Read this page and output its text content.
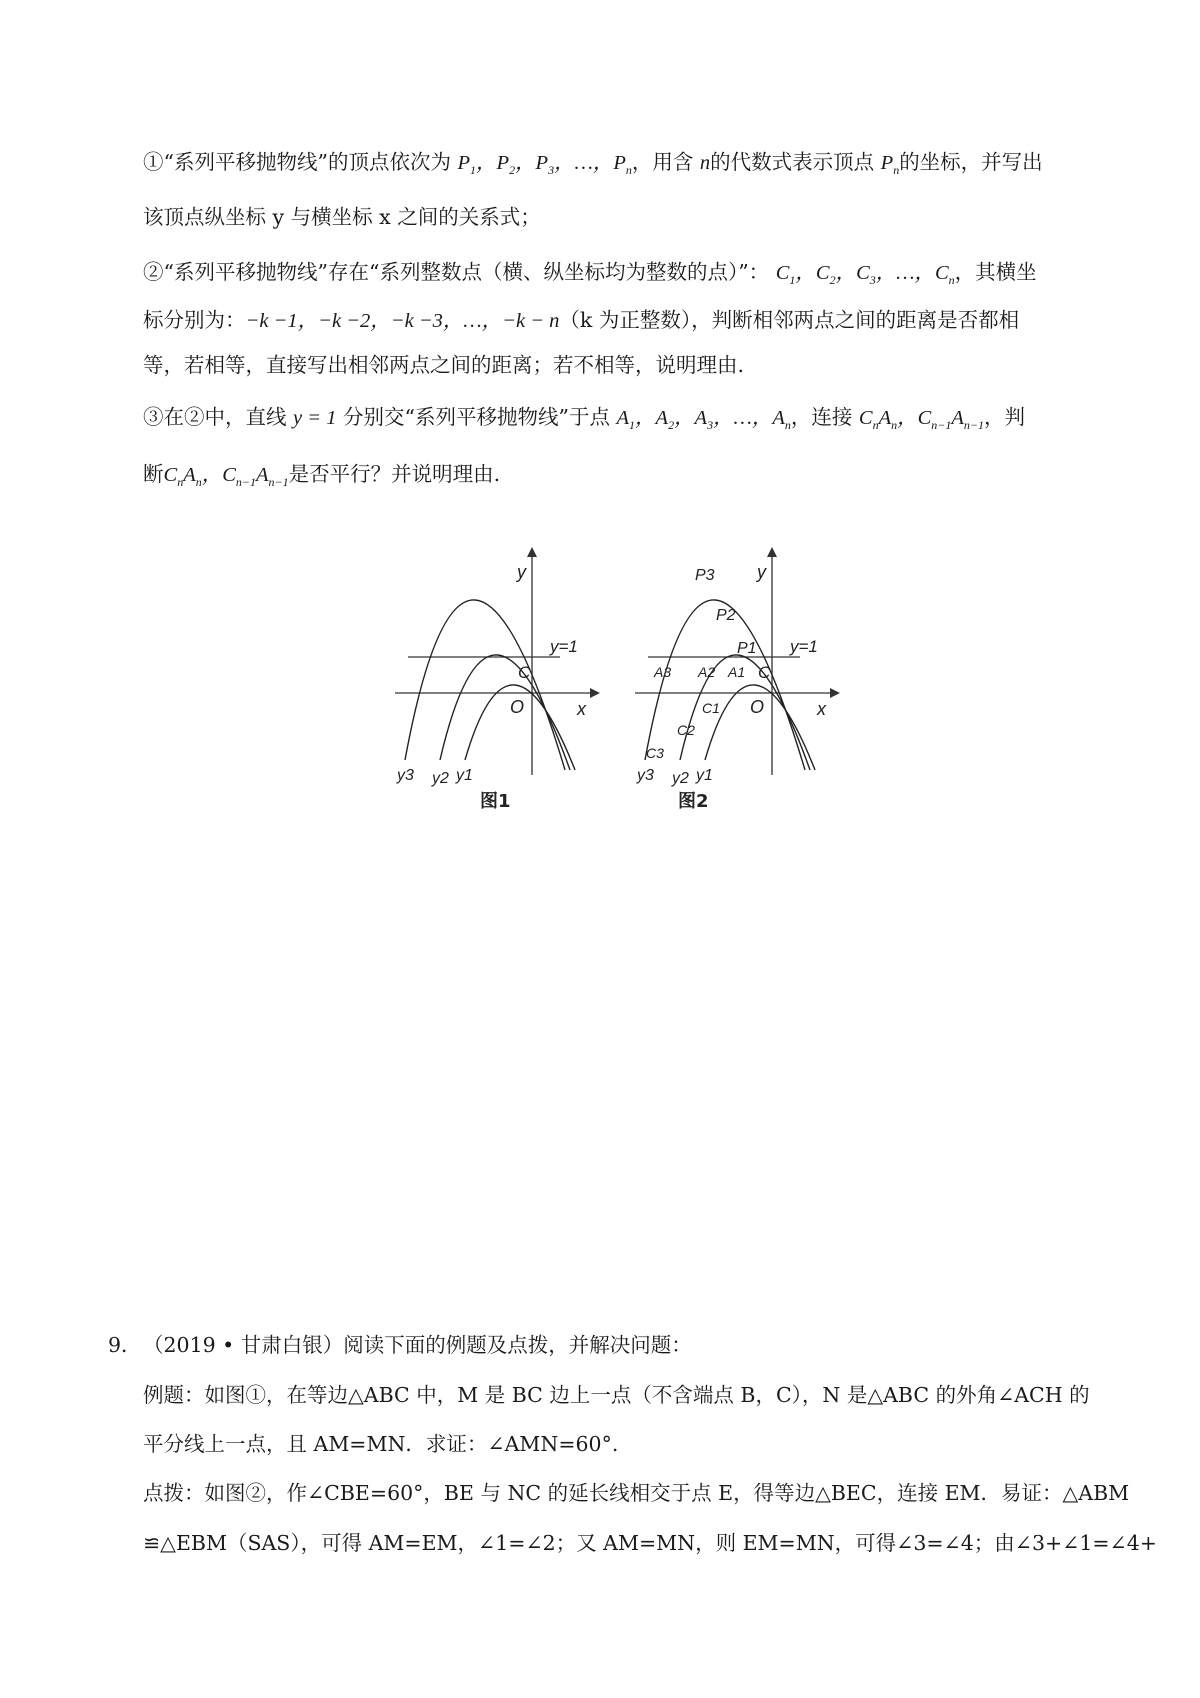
①“系列平移抛物线”的顶点依次为 $P_1$，$P_2$，$P_3$，…，$P_n$，用含 n的代数式表示顶点 $P_n$的坐标，并写出
该顶点纵坐标 y 与横坐标 x 之间的关系式；
②“系列平移抛物线”存在“系列整数点（横、纵坐标均为整数的点）”： $C_1$，$C_2$，$C_3$，…，$C_n$，其横坐
标分别为：−k −1，−k −2，−k −3，…，−k − n（k 为正整数），判断相邻两点之间的距离是否都相
等，若相等，直接写出相邻两点之间的距离；若不相等，说明理由.
③在②中，直线 y = 1 分别交“系列平移抛物线”于点 $A_1$，$A_2$，$A_3$，…，$A_n$，连接 $C_nA_n$，$C_{n-1}A_{n-1}$，判
断$C_nA_n$，$C_{n-1}A_{n-1}$是否平行？并说明理由.
y
x
O
y=1
C
y3 y2 y1
图1
y
x
O
y=1
C
P3
P2
P1
A3 A2 A1
C1
C2
C3
y3 y2 y1
图2
9． （2019 • 甘肃白银）阅读下面的例题及点拨，并解决问题：
例题：如图①，在等边△ABC 中，M 是 BC 边上一点（不含端点 B，C），N 是△ABC 的外角∠ACH 的
平分线上一点，且 AM=MN．求证：∠AMN=60°.
点拨：如图②，作∠CBE=60°，BE 与 NC 的延长线相交于点 E，得等边△BEC，连接 EM．易证：△ABM
≌△EBM（SAS），可得 AM=EM，∠1=∠2；又 AM=MN，则 EM=MN，可得∠3=∠4；由∠3+∠1=∠4+
